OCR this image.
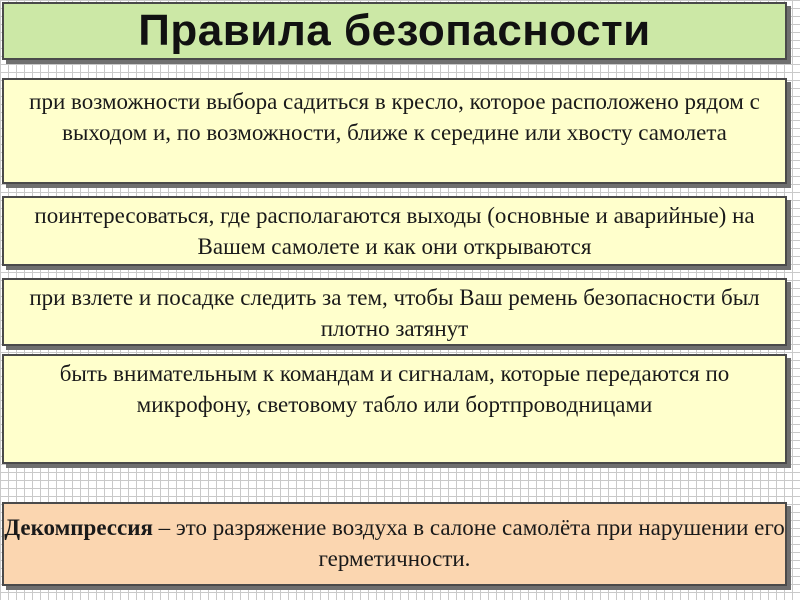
Правила безопасности
при возможности выбора садиться в кресло, которое расположено рядом с выходом и, по возможности, ближе к середине или хвосту самолета
поинтересоваться, где располагаются выходы (основные и аварийные) на Вашем самолете и как они открываются
при взлете и посадке следить за тем, чтобы Ваш ремень безопасности был плотно затянут
быть внимательным к командам и сигналам, которые передаются по микрофону, световому табло или бортпроводницами
Декомпрессия – это разряжение воздуха в салоне самолёта при нарушении его герметичности.
